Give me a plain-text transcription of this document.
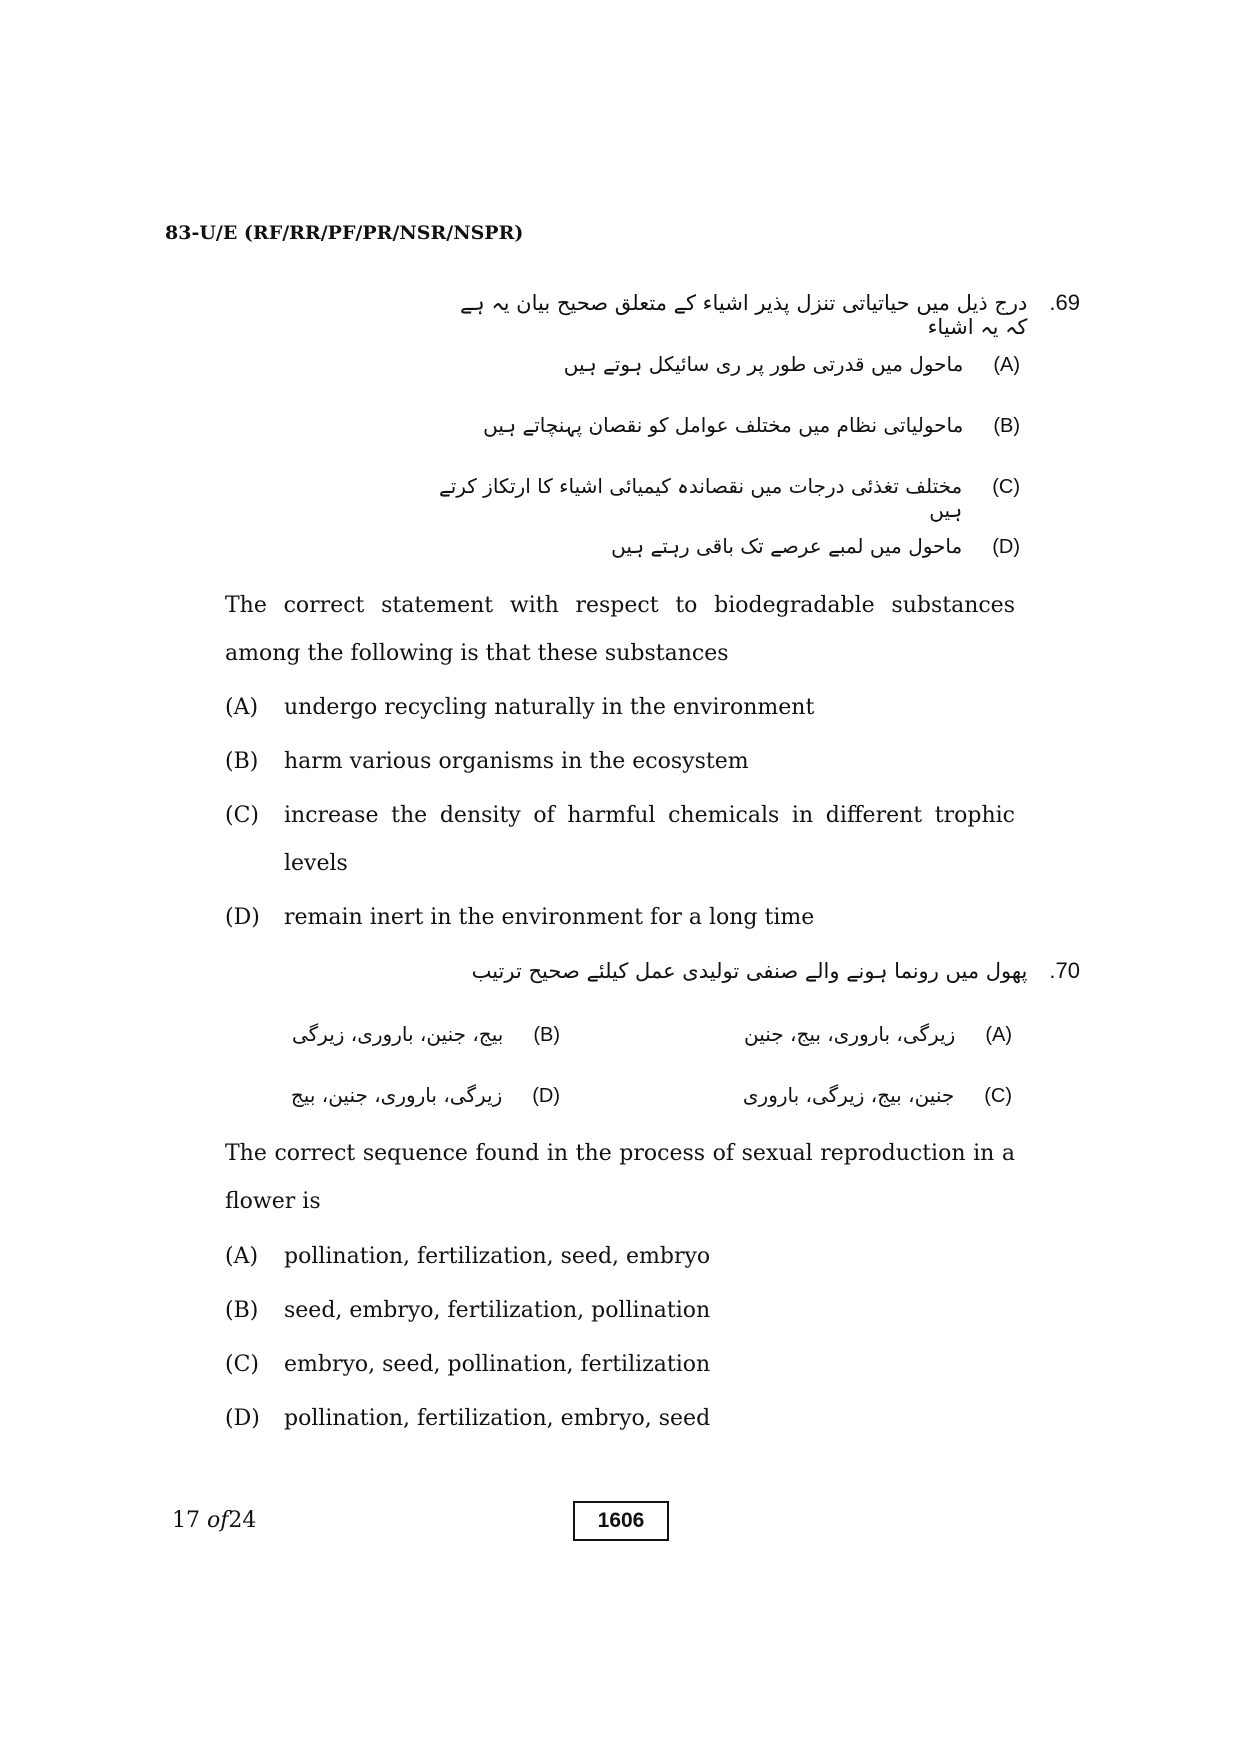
83-U/E (RF/RR/PF/PR/NSR/NSPR)
.69
درج ذیل میں حیاتیاتی تنزل پذیر اشیاء کے متعلق صحیح بیان یہ ہے کہ یہ اشیاء
(A)
ماحول میں قدرتی طور پر ری سائیکل ہوتے ہیں
(B)
ماحولیاتی نظام میں مختلف عوامل کو نقصان پہنچاتے ہیں
(C)
مختلف تغذئی درجات میں نقصاندہ کیمیائی اشیاء کا ارتکاز کرتے ہیں
(D)
ماحول میں لمبے عرصے تک باقی رہتے ہیں
The correct statement with respect to biodegradable substances among the following is that these substances
(A)	undergo recycling naturally in the environment
(B)	harm various organisms in the ecosystem
(C)	increase the density of harmful chemicals in different trophic levels
(D)	remain inert in the environment for a long time
.70
پھول میں رونما ہونے والے صنفی تولیدی عمل کیلئے صحیح ترتیب
(A)
زیرگی، باروری، بیج، جنین
(B)
بیج، جنین، باروری، زیرگی
(C)
جنین، بیج، زیرگی، باروری
(D)
زیرگی، باروری، جنین، بیج
The correct sequence found in the process of sexual reproduction in a flower is
(A)	pollination, fertilization, seed, embryo
(B)	seed, embryo, fertilization, pollination
(C)	embryo, seed, pollination, fertilization
(D)	pollination, fertilization, embryo, seed
17 of24	1606
